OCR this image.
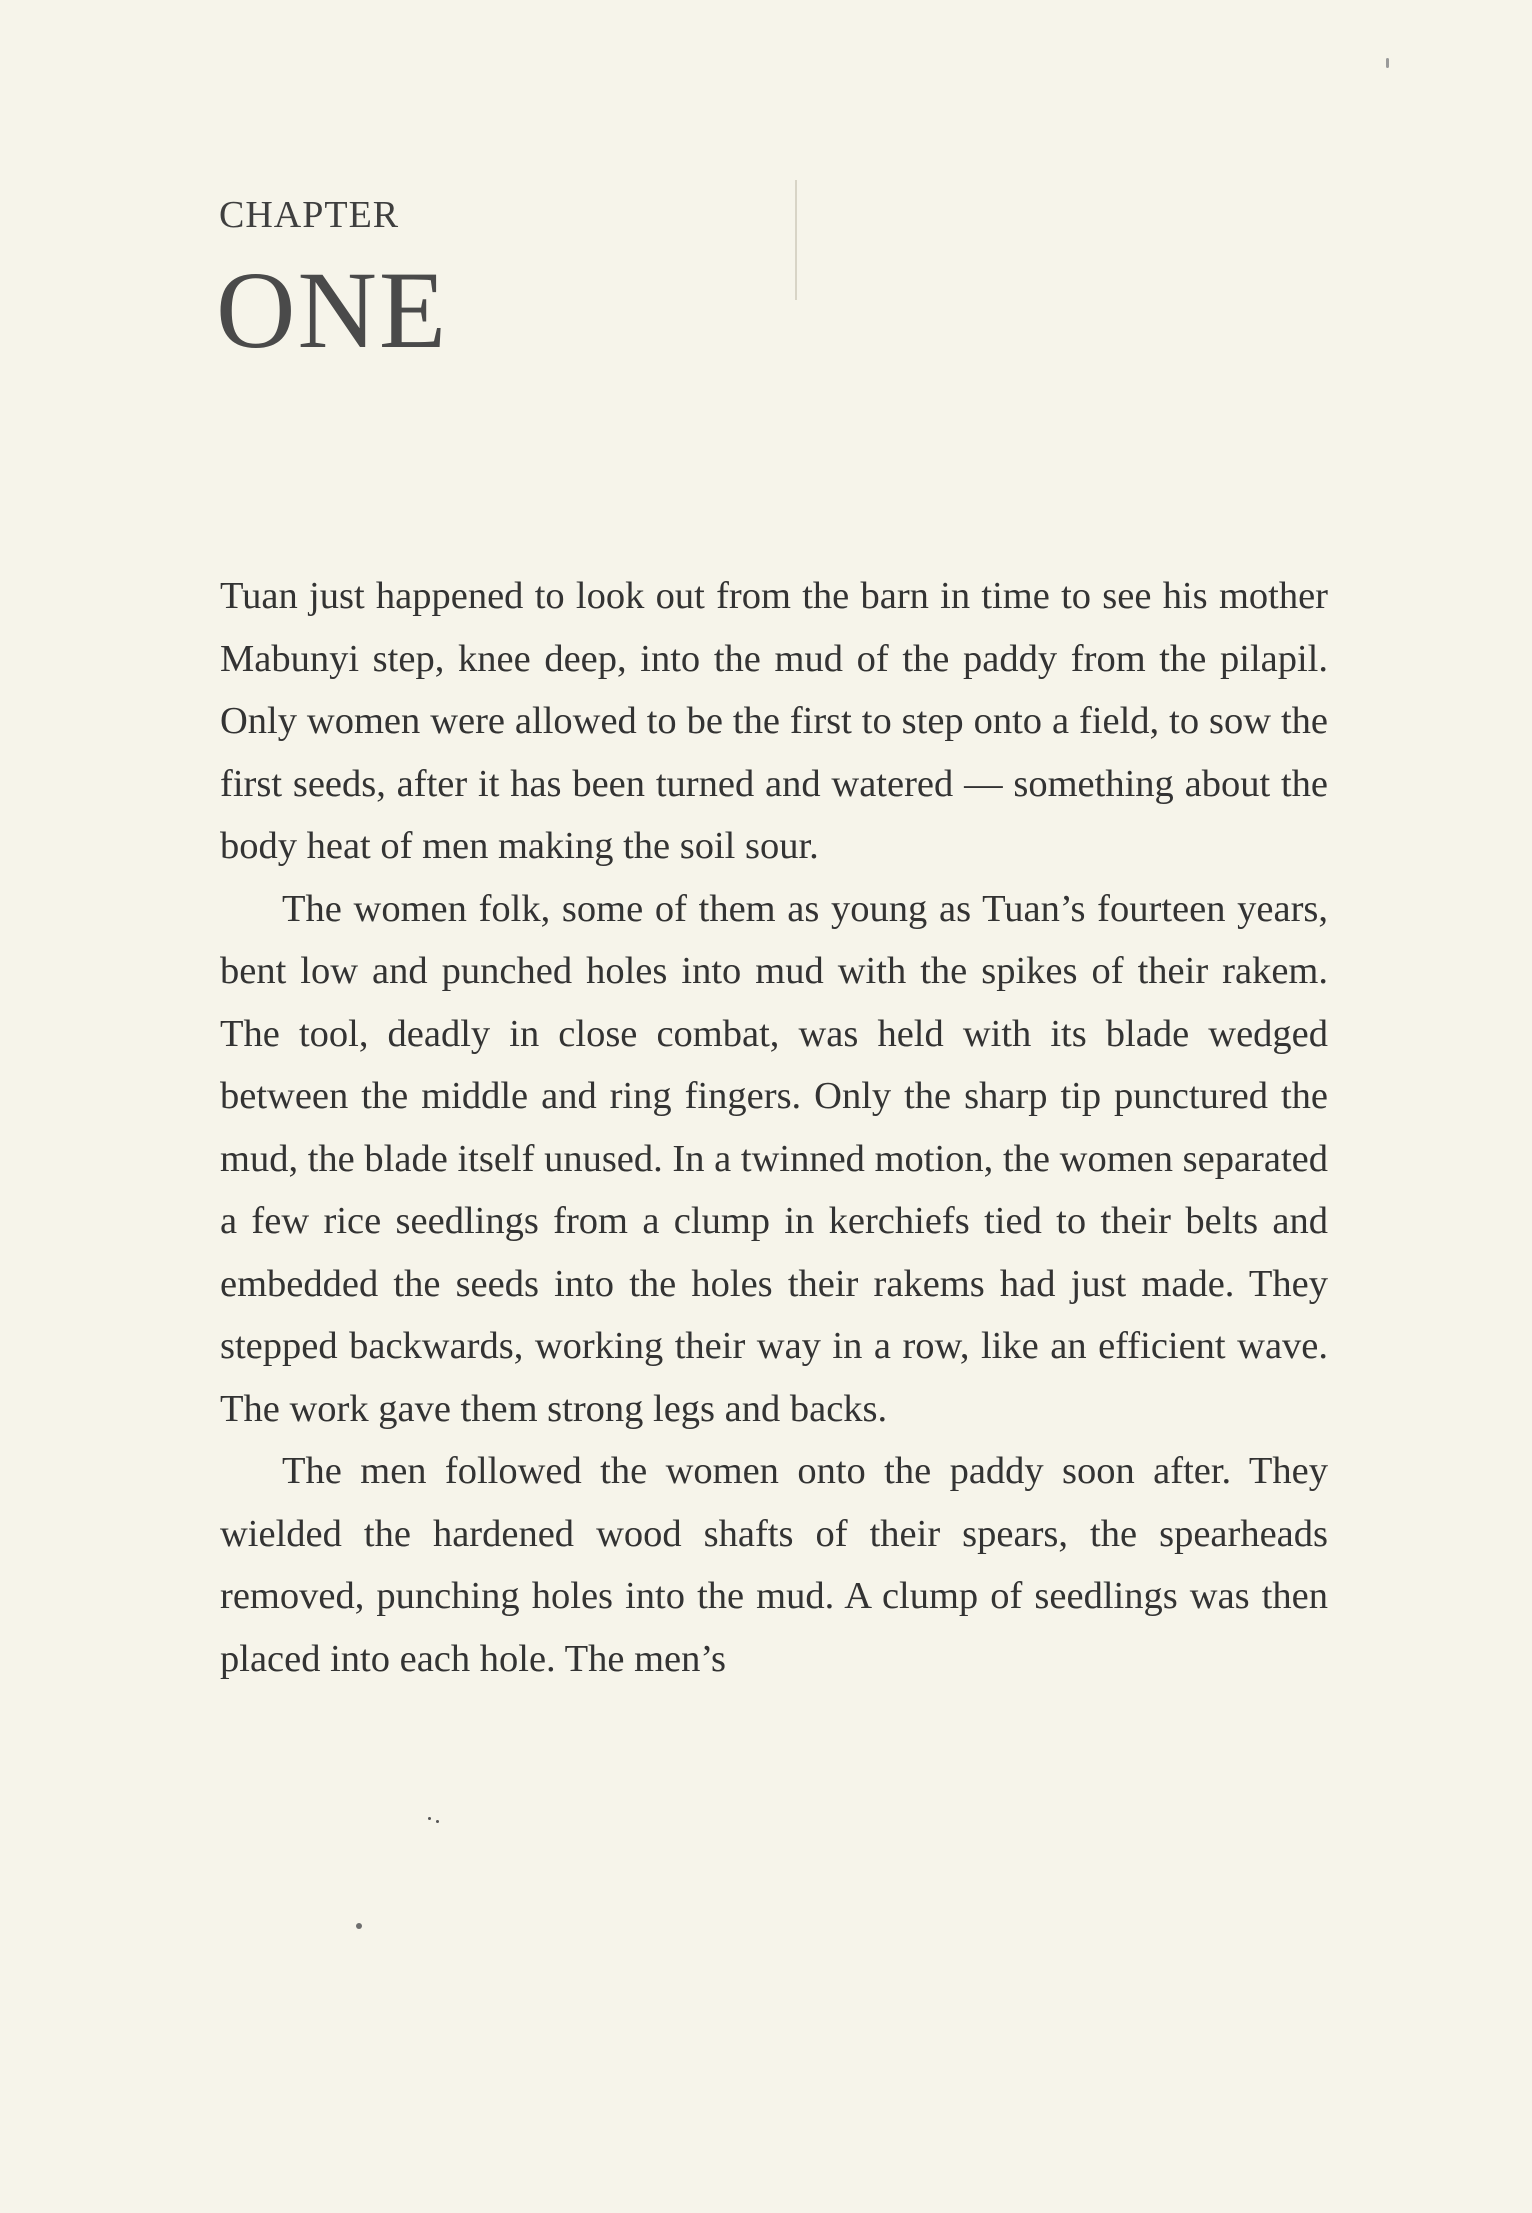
CHAPTER
ONE

Tuan just happened to look out from the barn in time to see his mother Mabunyi step, knee deep, into the mud of the paddy from the pilapil. Only women were allowed to be the first to step onto a field, to sow the first seeds, after it has been turned and watered — something about the body heat of men making the soil sour.

The women folk, some of them as young as Tuan’s fourteen years, bent low and punched holes into mud with the spikes of their rakem. The tool, deadly in close combat, was held with its blade wedged between the middle and ring fingers. Only the sharp tip punctured the mud, the blade itself unused. In a twinned motion, the women separated a few rice seedlings from a clump in kerchiefs tied to their belts and embedded the seeds into the holes their rakems had just made. They stepped backwards, working their way in a row, like an efficient wave. The work gave them strong legs and backs.

The men followed the women onto the paddy soon after. They wielded the hardened wood shafts of their spears, the spearheads removed, punching holes into the mud. A clump of seedlings was then placed into each hole. The men’s
